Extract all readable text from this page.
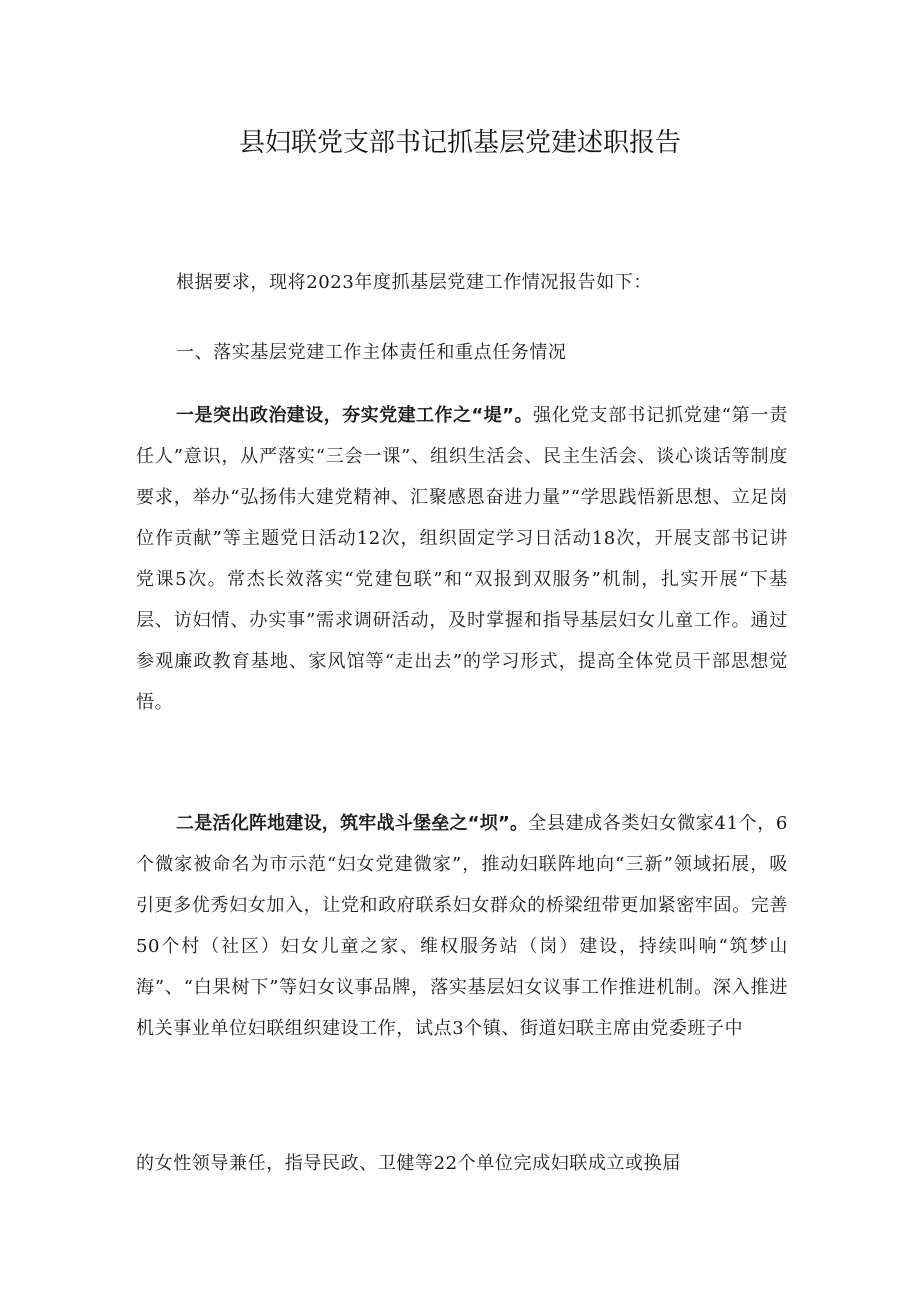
县妇联党支部书记抓基层党建述职报告
根据要求，现将2023年度抓基层党建工作情况报告如下：
一、落实基层党建工作主体责任和重点任务情况
一是突出政治建设，夯实党建工作之“堤”。强化党支部书记抓党建“第一责任人”意识，从严落实“三会一课”、组织生活会、民主生活会、谈心谈话等制度要求，举办“弘扬伟大建党精神、汇聚感恩奋进力量”“学思践悟新思想、立足岗位作贡献”等主题党日活动12次，组织固定学习日活动18次，开展支部书记讲党课5次。常杰长效落实“党建包联”和“双报到双服务”机制，扎实开展“下基层、访妇情、办实事”需求调研活动，及时掌握和指导基层妇女儿童工作。通过参观廉政教育基地、家风馆等“走出去”的学习形式，提高全体党员干部思想觉悟。
二是活化阵地建设，筑牢战斗堡垒之“坝”。全县建成各类妇女微家41个，6个微家被命名为市示范“妇女党建微家”，推动妇联阵地向“三新”领域拓展，吸引更多优秀妇女加入，让党和政府联系妇女群众的桥梁纽带更加紧密牢固。完善50个村（社区）妇女儿童之家、维权服务站（岗）建设，持续叫响“筑梦山海”、“白果树下”等妇女议事品牌，落实基层妇女议事工作推进机制。深入推进机关事业单位妇联组织建设工作，试点3个镇、街道妇联主席由党委班子中
的女性领导兼任，指导民政、卫健等22个单位完成妇联成立或换届
